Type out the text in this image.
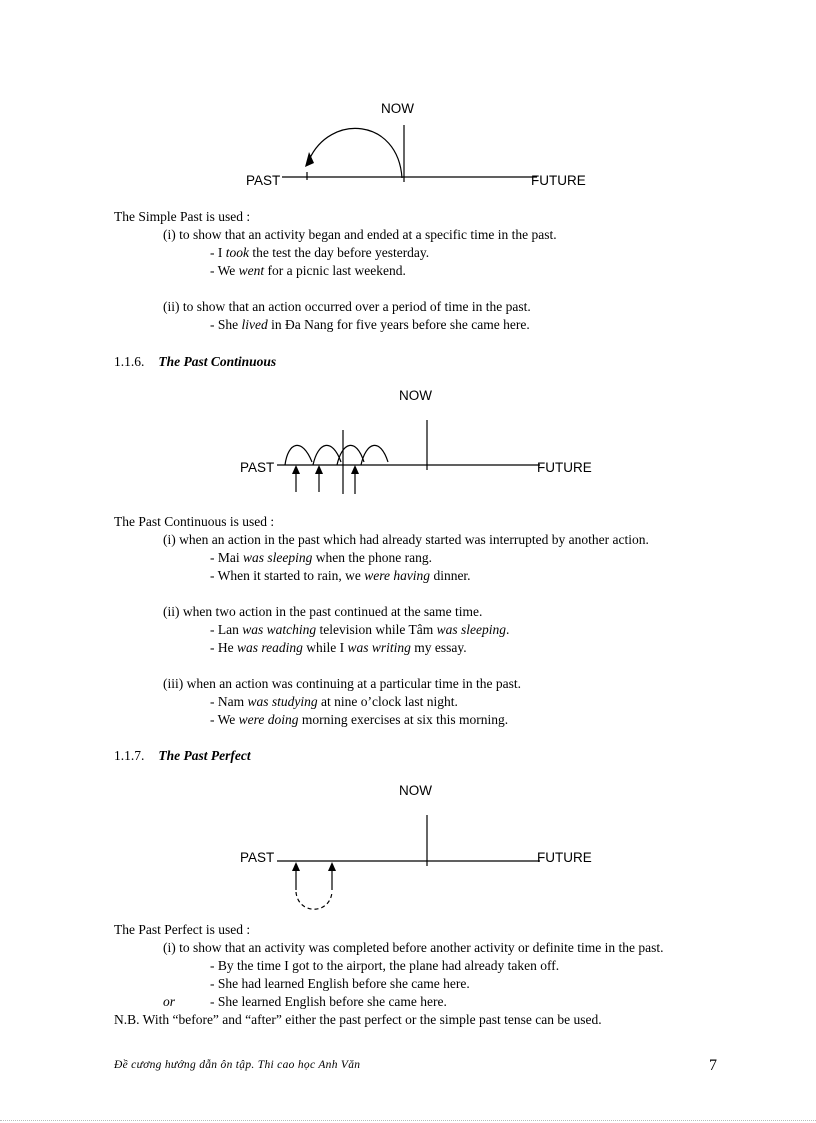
NOW
PAST	FUTURE
The Simple Past is used :
(i) to show that an activity began and ended at a specific time in the past.
- I took the test the day before yesterday.
- We went for a picnic last weekend.
(ii) to show that an action occurred over a period of time in the past.
- She lived in Đa Nang for five years before she came here.
1.1.6. The Past Continuous
NOW
PAST	FUTURE
The Past Continuous is used :
(i) when an action in the past which had already started was interrupted by another action.
- Mai was sleeping when the phone rang.
- When it started to rain, we were having dinner.
(ii) when two action in the past continued at the same time.
- Lan was watching television while Tâm was sleeping.
- He was reading while I was writing my essay.
(iii) when an action was continuing at a particular time in the past.
- Nam was studying at nine o’clock last night.
- We were doing morning exercises at six this morning.
1.1.7. The Past Perfect
NOW
PAST	FUTURE
The Past Perfect is used :
(i) to show that an activity was completed before another activity or definite time in the past.
- By the time I got to the airport, the plane had already taken off.
- She had learned English before she came here.
or	- She learned English before she came here.
N.B. With “before” and “after” either the past perfect or the simple past tense can be used.
Đề cương hướng dẫn ôn tập. Thi cao học Anh Văn	7
